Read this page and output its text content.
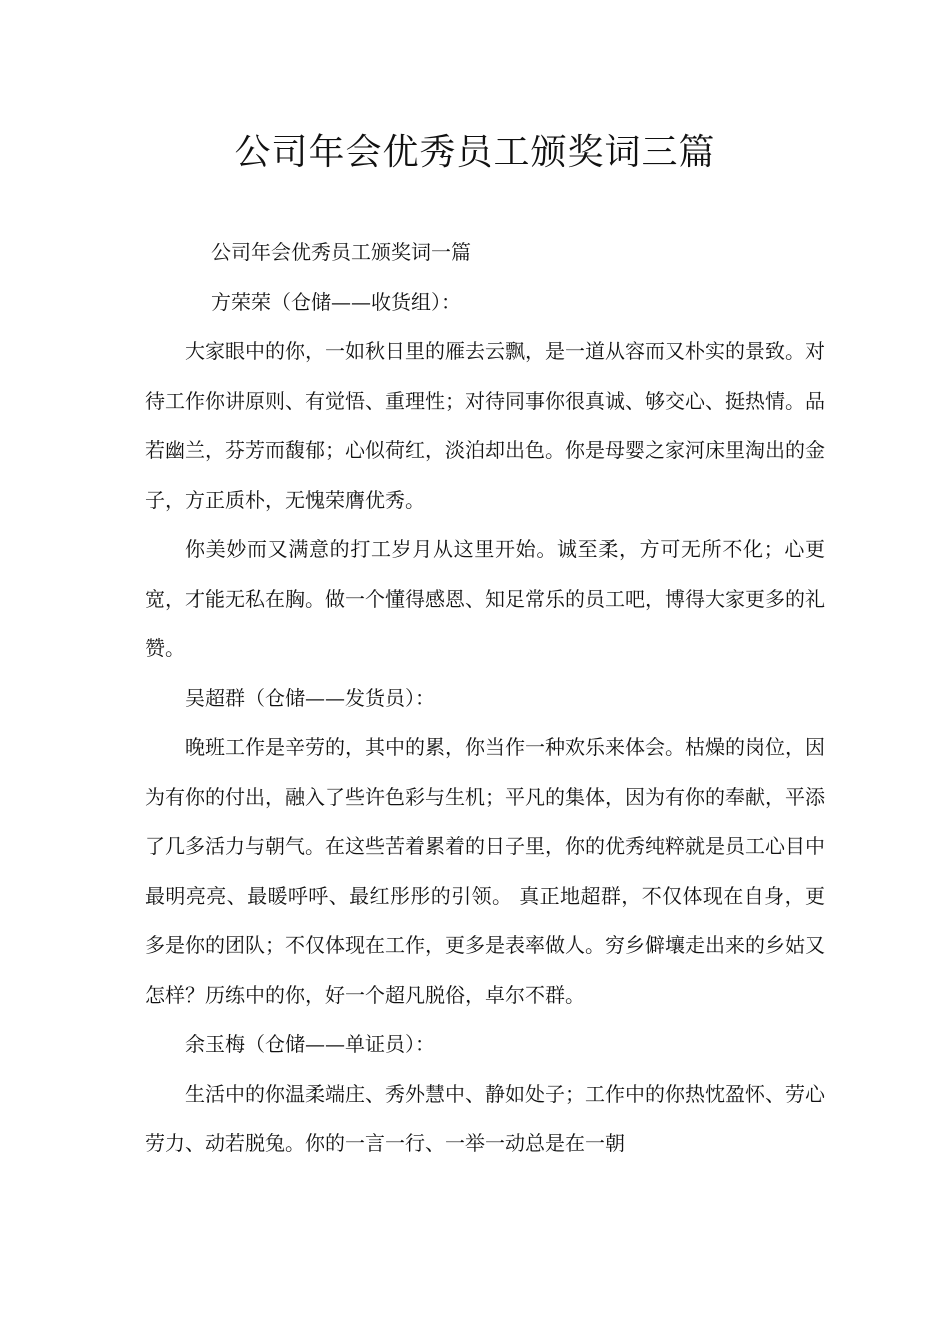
公司年会优秀员工颁奖词三篇

公司年会优秀员工颁奖词一篇

方荣荣（仓储——收货组）：

大家眼中的你，一如秋日里的雁去云飘，是一道从容而又朴实的景致。对待工作你讲原则、有觉悟、重理性；对待同事你很真诚、够交心、挺热情。品若幽兰，芬芳而馥郁；心似荷红，淡泊却出色。你是母婴之家河床里淘出的金子，方正质朴，无愧荣膺优秀。

你美妙而又满意的打工岁月从这里开始。诚至柔，方可无所不化；心更宽，才能无私在胸。做一个懂得感恩、知足常乐的员工吧，博得大家更多的礼赞。

吴超群（仓储——发货员）：

晚班工作是辛劳的，其中的累，你当作一种欢乐来体会。枯燥的岗位，因为有你的付出，融入了些许色彩与生机；平凡的集体，因为有你的奉献，平添了几多活力与朝气。在这些苦着累着的日子里，你的优秀纯粹就是员工心目中最明亮亮、最暖呼呼、最红彤彤的引领。 真正地超群，不仅体现在自身，更多是你的团队；不仅体现在工作，更多是表率做人。穷乡僻壤走出来的乡姑又怎样？历练中的你，好一个超凡脱俗，卓尔不群。

余玉梅（仓储——单证员）：

生活中的你温柔端庄、秀外慧中、静如处子；工作中的你热忱盈怀、劳心劳力、动若脱兔。你的一言一行、一举一动总是在一朝
